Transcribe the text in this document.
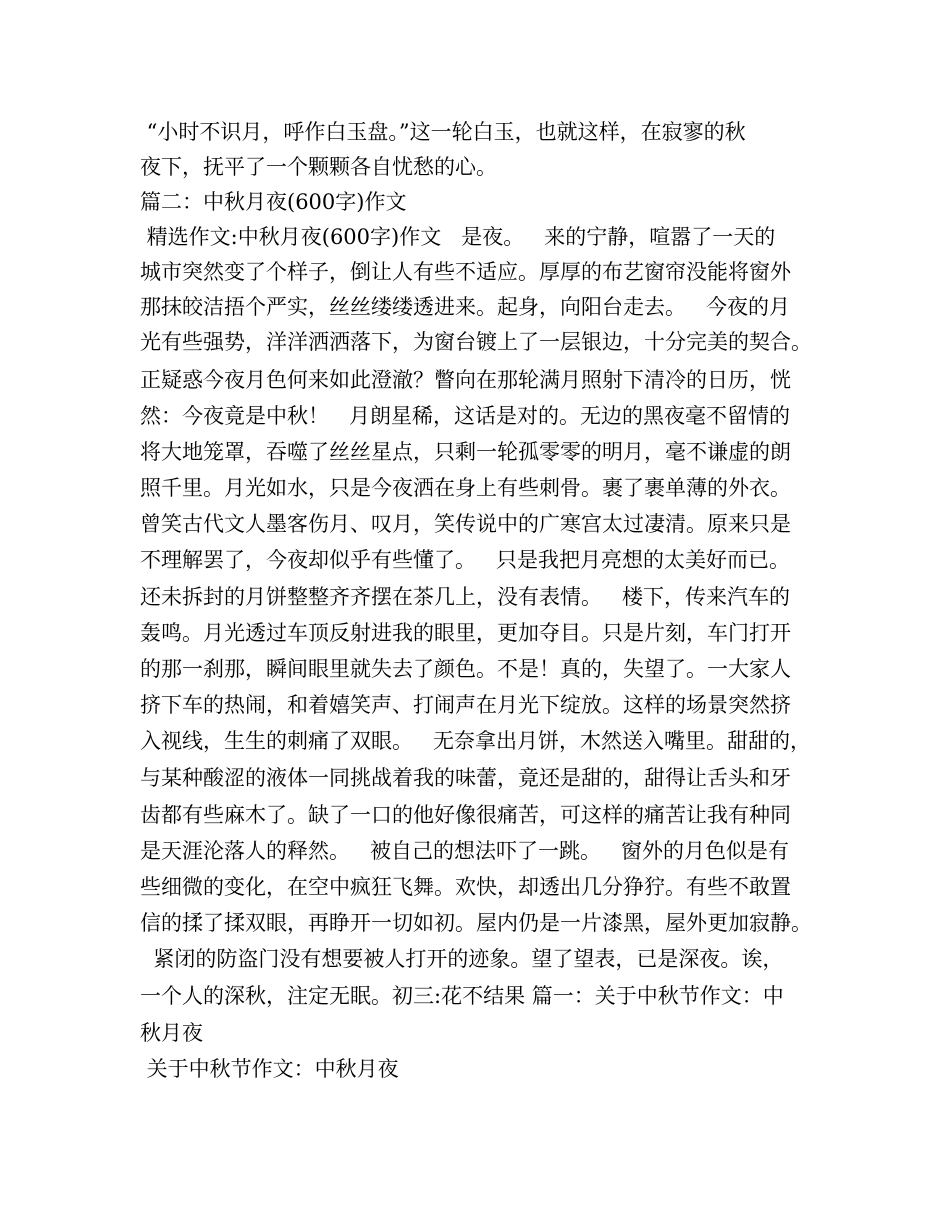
“小时不识月，呼作白玉盘。”这一轮白玉，也就这样，在寂寥的秋
夜下，抚平了一个颗颗各自忧愁的心。
篇二：中秋月夜(600字)作文
精选作文:中秋月夜(600字)作文   是夜。   来的宁静，喧嚣了一天的
城市突然变了个样子，倒让人有些不适应。厚厚的布艺窗帘没能将窗外
那抹皎洁捂个严实，丝丝缕缕透进来。起身，向阳台走去。   今夜的月
光有些强势，洋洋洒洒落下，为窗台镀上了一层银边，十分完美的契合。
正疑惑今夜月色何来如此澄澈？瞥向在那轮满月照射下清冷的日历，恍
然：今夜竟是中秋！   月朗星稀，这话是对的。无边的黑夜毫不留情的
将大地笼罩，吞噬了丝丝星点，只剩一轮孤零零的明月，毫不谦虚的朗
照千里。月光如水，只是今夜洒在身上有些刺骨。裹了裹单薄的外衣。
曾笑古代文人墨客伤月、叹月，笑传说中的广寒宫太过凄清。原来只是
不理解罢了，今夜却似乎有些懂了。   只是我把月亮想的太美好而已。
还未拆封的月饼整整齐齐摆在茶几上，没有表情。   楼下，传来汽车的
轰鸣。月光透过车顶反射进我的眼里，更加夺目。只是片刻，车门打开
的那一刹那，瞬间眼里就失去了颜色。不是！真的，失望了。一大家人
挤下车的热闹，和着嬉笑声、打闹声在月光下绽放。这样的场景突然挤
入视线，生生的刺痛了双眼。   无奈拿出月饼，木然送入嘴里。甜甜的，
与某种酸涩的液体一同挑战着我的味蕾，竟还是甜的，甜得让舌头和牙
齿都有些麻木了。缺了一口的他好像很痛苦，可这样的痛苦让我有种同
是天涯沦落人的释然。   被自己的想法吓了一跳。   窗外的月色似是有
些细微的变化，在空中疯狂飞舞。欢快，却透出几分狰狞。有些不敢置
信的揉了揉双眼，再睁开一切如初。屋内仍是一片漆黑，屋外更加寂静。
紧闭的防盗门没有想要被人打开的迹象。望了望表，已是深夜。诶，
一个人的深秋，注定无眠。初三:花不结果 篇一：关于中秋节作文：中
秋月夜
关于中秋节作文：中秋月夜
